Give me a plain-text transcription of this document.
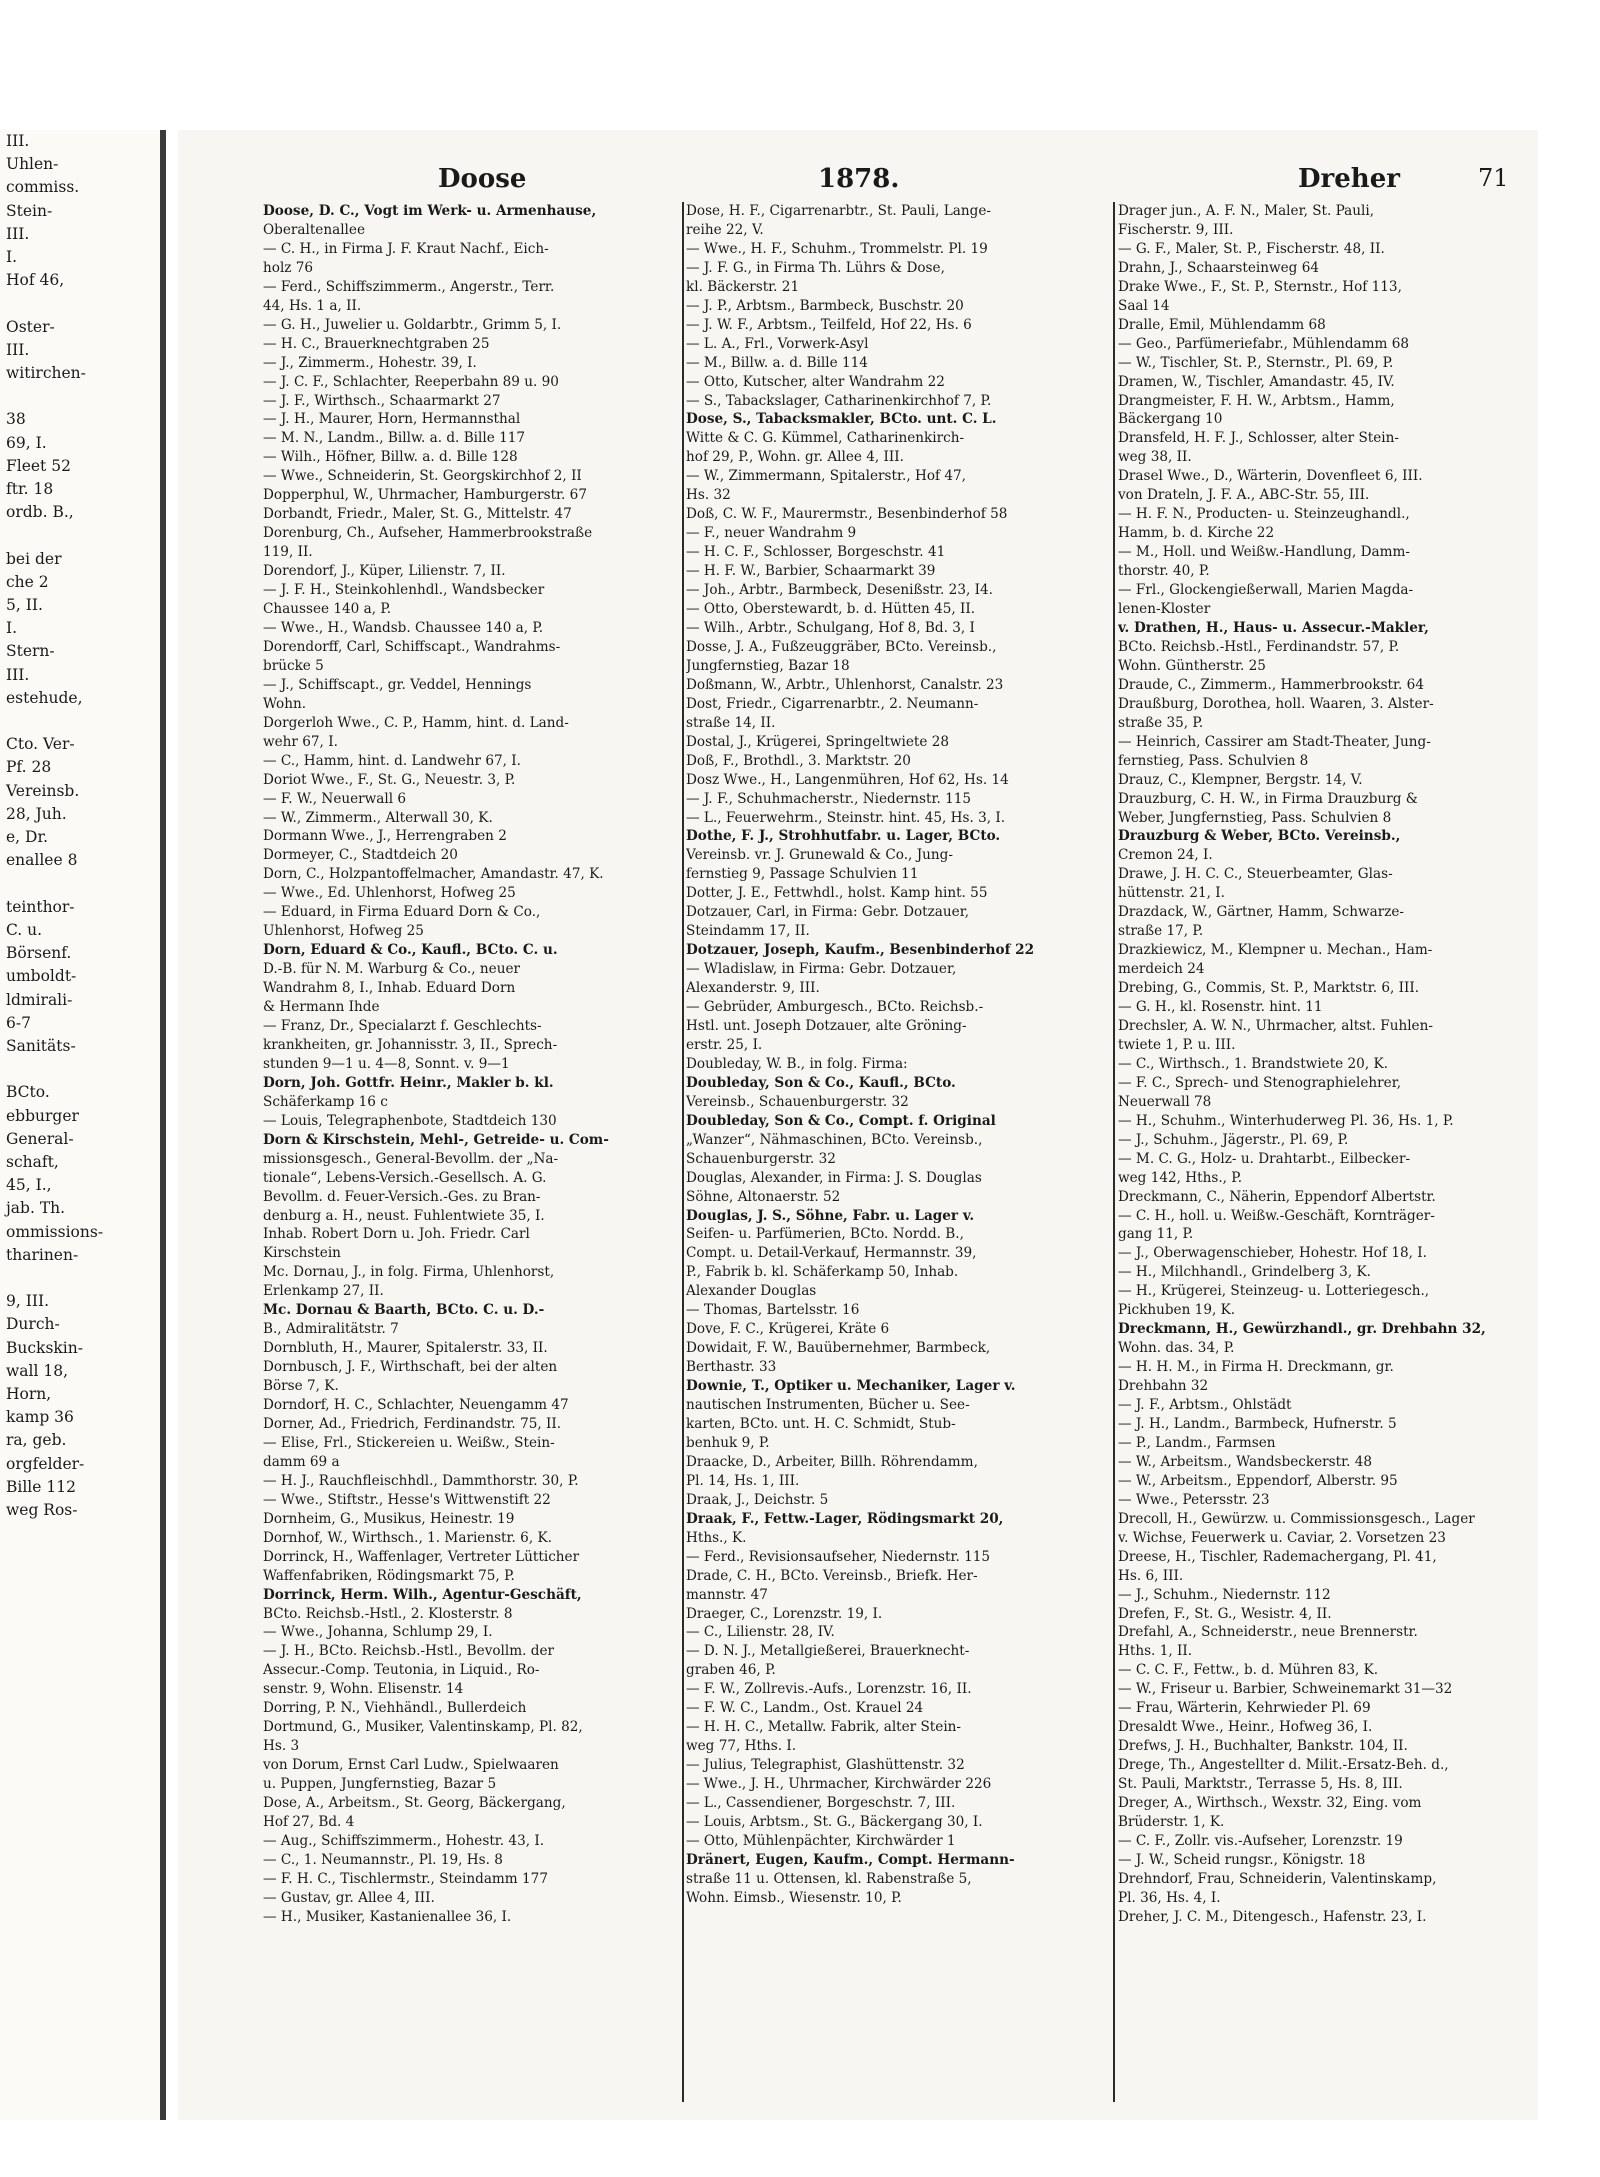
III.
Uhlen-
commiss.
Stein-
III.
I.
Hof 46,

Oster-
III.
witirchen-

38
69, I.
Fleet 52
ftr. 18
ordb. B.,

bei der
che 2
5, II.
I.
Stern-
III.
estehude,

Cto. Ver-
Pf. 28
Vereinsb.
28, Juh.
e, Dr.
enallee 8

teinthor-
C. u.
Börsenf.
umboldt-
ldmirali-
6-7
Sanitäts-

BCto.
ebburger
General-
schaft,
45, I.,
jab. Th.
ommissions-
tharinen-

9, III.
Durch-
Buckskin-
wall 18,
Horn,
kamp 36
ra, geb.
orgfelder-
Bille 112
weg Ros-
Doose	1878.	Dreher	71
Doose, D. C., Vogt im Werk- u. Armenhause,
Oberaltenallee
— C. H., in Firma J. F. Kraut Nachf., Eich-
holz 76
— Ferd., Schiffszimmerm., Angerstr., Terr.
44, Hs. 1 a, II.
— G. H., Juwelier u. Goldarbtr., Grimm 5, I.
— H. C., Brauerknechtgraben 25
— J., Zimmerm., Hohestr. 39, I.
— J. C. F., Schlachter, Reeperbahn 89 u. 90
— J. F., Wirthsch., Schaarmarkt 27
— J. H., Maurer, Horn, Hermannsthal
— M. N., Landm., Billw. a. d. Bille 117
— Wilh., Höfner, Billw. a. d. Bille 128
— Wwe., Schneiderin, St. Georgskirchhof 2, II
Dopperphul, W., Uhrmacher, Hamburgerstr. 67
Dorbandt, Friedr., Maler, St. G., Mittelstr. 47
Dorenburg, Ch., Aufseher, Hammerbrookstraße
119, II.
Dorendorf, J., Küper, Lilienstr. 7, II.
— J. F. H., Steinkohlenhdl., Wandsbecker
Chaussee 140 a, P.
— Wwe., H., Wandsb. Chaussee 140 a, P.
Dorendorff, Carl, Schiffscapt., Wandrahms-
brücke 5
— J., Schiffscapt., gr. Veddel, Hennings
Wohn.
Dorgerloh Wwe., C. P., Hamm, hint. d. Land-
wehr 67, I.
— C., Hamm, hint. d. Landwehr 67, I.
Doriot Wwe., F., St. G., Neuestr. 3, P.
— F. W., Neuerwall 6
— W., Zimmerm., Alterwall 30, K.
Dormann Wwe., J., Herrengraben 2
Dormeyer, C., Stadtdeich 20
Dorn, C., Holzpantoffelmacher, Amandastr. 47, K.
— Wwe., Ed. Uhlenhorst, Hofweg 25
— Eduard, in Firma Eduard Dorn & Co.,
Uhlenhorst, Hofweg 25
Dorn, Eduard & Co., Kaufl., BCto. C. u.
D.-B. für N. M. Warburg & Co., neuer
Wandrahm 8, I., Inhab. Eduard Dorn
& Hermann Ihde
— Franz, Dr., Specialarzt f. Geschlechts-
krankheiten, gr. Johannisstr. 3, II., Sprech-
stunden 9—1 u. 4—8, Sonnt. v. 9—1
Dorn, Joh. Gottfr. Heinr., Makler b. kl.
Schäferkamp 16 c
— Louis, Telegraphenbote, Stadtdeich 130
Dorn & Kirschstein, Mehl-, Getreide- u. Com-
missionsgesch., General-Bevollm. der „Na-
tionale“, Lebens-Versich.-Gesellsch. A. G.
Bevollm. d. Feuer-Versich.-Ges. zu Bran-
denburg a. H., neust. Fuhlentwiete 35, I.
Inhab. Robert Dorn u. Joh. Friedr. Carl
Kirschstein
Mc. Dornau, J., in folg. Firma, Uhlenhorst,
Erlenkamp 27, II.
Mc. Dornau & Baarth, BCto. C. u. D.-
B., Admiralitätstr. 7
Dornbluth, H., Maurer, Spitalerstr. 33, II.
Dornbusch, J. F., Wirthschaft, bei der alten
Börse 7, K.
Dorndorf, H. C., Schlachter, Neuengamm 47
Dorner, Ad., Friedrich, Ferdinandstr. 75, II.
— Elise, Frl., Stickereien u. Weißw., Stein-
damm 69 a
— H. J., Rauchfleischhdl., Dammthorstr. 30, P.
— Wwe., Stiftstr., Hesse's Wittwenstift 22
Dornheim, G., Musikus, Heinestr. 19
Dornhof, W., Wirthsch., 1. Marienstr. 6, K.
Dorrinck, H., Waffenlager, Vertreter Lütticher
Waffenfabriken, Rödingsmarkt 75, P.
Dorrinck, Herm. Wilh., Agentur-Geschäft,
BCto. Reichsb.-Hstl., 2. Klosterstr. 8
— Wwe., Johanna, Schlump 29, I.
— J. H., BCto. Reichsb.-Hstl., Bevollm. der
Assecur.-Comp. Teutonia, in Liquid., Ro-
senstr. 9, Wohn. Elisenstr. 14
Dorring, P. N., Viehhändl., Bullerdeich
Dortmund, G., Musiker, Valentinskamp, Pl. 82,
Hs. 3
von Dorum, Ernst Carl Ludw., Spielwaaren
u. Puppen, Jungfernstieg, Bazar 5
Dose, A., Arbeitsm., St. Georg, Bäckergang,
Hof 27, Bd. 4
— Aug., Schiffszimmerm., Hohestr. 43, I.
— C., 1. Neumannstr., Pl. 19, Hs. 8
— F. H. C., Tischlermstr., Steindamm 177
— Gustav, gr. Allee 4, III.
— H., Musiker, Kastanienallee 36, I.
Dose, H. F., Cigarrenarbtr., St. Pauli, Lange-
reihe 22, V.
— Wwe., H. F., Schuhm., Trommelstr. Pl. 19
— J. F. G., in Firma Th. Lührs & Dose,
kl. Bäckerstr. 21
— J. P., Arbtsm., Barmbeck, Buschstr. 20
— J. W. F., Arbtsm., Teilfeld, Hof 22, Hs. 6
— L. A., Frl., Vorwerk-Asyl
— M., Billw. a. d. Bille 114
— Otto, Kutscher, alter Wandrahm 22
— S., Tabackslager, Catharinenkirchhof 7, P.
Dose, S., Tabacksmakler, BCto. unt. C. L.
Witte & C. G. Kümmel, Catharinenkirch-
hof 29, P., Wohn. gr. Allee 4, III.
— W., Zimmermann, Spitalerstr., Hof 47,
Hs. 32
Doß, C. W. F., Maurermstr., Besenbinderhof 58
— F., neuer Wandrahm 9
— H. C. F., Schlosser, Borgeschstr. 41
— H. F. W., Barbier, Schaarmarkt 39
— Joh., Arbtr., Barmbeck, Desenißstr. 23, I4.
— Otto, Oberstewardt, b. d. Hütten 45, II.
— Wilh., Arbtr., Schulgang, Hof 8, Bd. 3, I
Dosse, J. A., Fußzeuggräber, BCto. Vereinsb.,
Jungfernstieg, Bazar 18
Doßmann, W., Arbtr., Uhlenhorst, Canalstr. 23
Dost, Friedr., Cigarrenarbtr., 2. Neumann-
straße 14, II.
Dostal, J., Krügerei, Springeltwiete 28
Doß, F., Brothdl., 3. Marktstr. 20
Dosz Wwe., H., Langenmühren, Hof 62, Hs. 14
— J. F., Schuhmacherstr., Niedernstr. 115
— L., Feuerwehrm., Steinstr. hint. 45, Hs. 3, I.
Dothe, F. J., Strohhutfabr. u. Lager, BCto.
Vereinsb. vr. J. Grunewald & Co., Jung-
fernstieg 9, Passage Schulvien 11
Dotter, J. E., Fettwhdl., holst. Kamp hint. 55
Dotzauer, Carl, in Firma: Gebr. Dotzauer,
Steindamm 17, II.
Dotzauer, Joseph, Kaufm., Besenbinderhof 22
— Wladislaw, in Firma: Gebr. Dotzauer,
Alexanderstr. 9, III.
— Gebrüder, Amburgesch., BCto. Reichsb.-
Hstl. unt. Joseph Dotzauer, alte Gröning-
erstr. 25, I.
Doubleday, W. B., in folg. Firma:
Doubleday, Son & Co., Kaufl., BCto.
Vereinsb., Schauenburgerstr. 32
Doubleday, Son & Co., Compt. f. Original
„Wanzer“, Nähmaschinen, BCto. Vereinsb.,
Schauenburgerstr. 32
Douglas, Alexander, in Firma: J. S. Douglas
Söhne, Altonaerstr. 52
Douglas, J. S., Söhne, Fabr. u. Lager v.
Seifen- u. Parfümerien, BCto. Nordd. B.,
Compt. u. Detail-Verkauf, Hermannstr. 39,
P., Fabrik b. kl. Schäferkamp 50, Inhab.
Alexander Douglas
— Thomas, Bartelsstr. 16
Dove, F. C., Krügerei, Kräte 6
Dowidait, F. W., Bauübernehmer, Barmbeck,
Berthastr. 33
Downie, T., Optiker u. Mechaniker, Lager v.
nautischen Instrumenten, Bücher u. See-
karten, BCto. unt. H. C. Schmidt, Stub-
benhuk 9, P.
Draacke, D., Arbeiter, Billh. Röhrendamm,
Pl. 14, Hs. 1, III.
Draak, J., Deichstr. 5
Draak, F., Fettw.-Lager, Rödingsmarkt 20,
Hths., K.
— Ferd., Revisionsaufseher, Niedernstr. 115
Drade, C. H., BCto. Vereinsb., Briefk. Her-
mannstr. 47
Draeger, C., Lorenzstr. 19, I.
— C., Lilienstr. 28, IV.
— D. N. J., Metallgießerei, Brauerknecht-
graben 46, P.
— F. W., Zollrevis.-Aufs., Lorenzstr. 16, II.
— F. W. C., Landm., Ost. Krauel 24
— H. H. C., Metallw. Fabrik, alter Stein-
weg 77, Hths. I.
— Julius, Telegraphist, Glashüttenstr. 32
— Wwe., J. H., Uhrmacher, Kirchwärder 226
— L., Cassendiener, Borgeschstr. 7, III.
— Louis, Arbtsm., St. G., Bäckergang 30, I.
— Otto, Mühlenpächter, Kirchwärder 1
Dränert, Eugen, Kaufm., Compt. Hermann-
straße 11 u. Ottensen, kl. Rabenstraße 5,
Wohn. Eimsb., Wiesenstr. 10, P.
Drager jun., A. F. N., Maler, St. Pauli,
Fischerstr. 9, III.
— G. F., Maler, St. P., Fischerstr. 48, II.
Drahn, J., Schaarsteinweg 64
Drake Wwe., F., St. P., Sternstr., Hof 113,
Saal 14
Dralle, Emil, Mühlendamm 68
— Geo., Parfümeriefabr., Mühlendamm 68
— W., Tischler, St. P., Sternstr., Pl. 69, P.
Dramen, W., Tischler, Amandastr. 45, IV.
Drangmeister, F. H. W., Arbtsm., Hamm,
Bäckergang 10
Dransfeld, H. F. J., Schlosser, alter Stein-
weg 38, II.
Drasel Wwe., D., Wärterin, Dovenfleet 6, III.
von Drateln, J. F. A., ABC-Str. 55, III.
— H. F. N., Producten- u. Steinzeughandl.,
Hamm, b. d. Kirche 22
— M., Holl. und Weißw.-Handlung, Damm-
thorstr. 40, P.
— Frl., Glockengießerwall, Marien Magda-
lenen-Kloster
v. Drathen, H., Haus- u. Assecur.-Makler,
BCto. Reichsb.-Hstl., Ferdinandstr. 57, P.
Wohn. Güntherstr. 25
Draude, C., Zimmerm., Hammerbrookstr. 64
Draußburg, Dorothea, holl. Waaren, 3. Alster-
straße 35, P.
— Heinrich, Cassirer am Stadt-Theater, Jung-
fernstieg, Pass. Schulvien 8
Drauz, C., Klempner, Bergstr. 14, V.
Drauzburg, C. H. W., in Firma Drauzburg &
Weber, Jungfernstieg, Pass. Schulvien 8
Drauzburg & Weber, BCto. Vereinsb.,
Cremon 24, I.
Drawe, J. H. C. C., Steuerbeamter, Glas-
hüttenstr. 21, I.
Drazdack, W., Gärtner, Hamm, Schwarze-
straße 17, P.
Drazkiewicz, M., Klempner u. Mechan., Ham-
merdeich 24
Drebing, G., Commis, St. P., Marktstr. 6, III.
— G. H., kl. Rosenstr. hint. 11
Drechsler, A. W. N., Uhrmacher, altst. Fuhlen-
twiete 1, P. u. III.
— C., Wirthsch., 1. Brandstwiete 20, K.
— F. C., Sprech- und Stenographielehrer,
Neuerwall 78
— H., Schuhm., Winterhuderweg Pl. 36, Hs. 1, P.
— J., Schuhm., Jägerstr., Pl. 69, P.
— M. C. G., Holz- u. Drahtarbt., Eilbecker-
weg 142, Hths., P.
Dreckmann, C., Näherin, Eppendorf Albertstr.
— C. H., holl. u. Weißw.-Geschäft, Kornträger-
gang 11, P.
— J., Oberwagenschieber, Hohestr. Hof 18, I.
— H., Milchhandl., Grindelberg 3, K.
— H., Krügerei, Steinzeug- u. Lotteriegesch.,
Pickhuben 19, K.
Dreckmann, H., Gewürzhandl., gr. Drehbahn 32,
Wohn. das. 34, P.
— H. H. M., in Firma H. Dreckmann, gr.
Drehbahn 32
— J. F., Arbtsm., Ohlstädt
— J. H., Landm., Barmbeck, Hufnerstr. 5
— P., Landm., Farmsen
— W., Arbeitsm., Wandsbeckerstr. 48
— W., Arbeitsm., Eppendorf, Alberstr. 95
— Wwe., Petersstr. 23
Drecoll, H., Gewürzw. u. Commissionsgesch., Lager
v. Wichse, Feuerwerk u. Caviar, 2. Vorsetzen 23
Dreese, H., Tischler, Rademachergang, Pl. 41,
Hs. 6, III.
— J., Schuhm., Niedernstr. 112
Drefen, F., St. G., Wesistr. 4, II.
Drefahl, A., Schneiderstr., neue Brennerstr.
Hths. 1, II.
— C. C. F., Fettw., b. d. Mühren 83, K.
— W., Friseur u. Barbier, Schweinemarkt 31—32
— Frau, Wärterin, Kehrwieder Pl. 69
Dresaldt Wwe., Heinr., Hofweg 36, I.
Drefws, J. H., Buchhalter, Bankstr. 104, II.
Drege, Th., Angestellter d. Milit.-Ersatz-Beh. d.,
St. Pauli, Marktstr., Terrasse 5, Hs. 8, III.
Dreger, A., Wirthsch., Wexstr. 32, Eing. vom
Brüderstr. 1, K.
— C. F., Zollr. vis.-Aufseher, Lorenzstr. 19
— J. W., Scheid rungsr., Königstr. 18
Drehndorf, Frau, Schneiderin, Valentinskamp,
Pl. 36, Hs. 4, I.
Dreher, J. C. M., Ditengesch., Hafenstr. 23, I.
